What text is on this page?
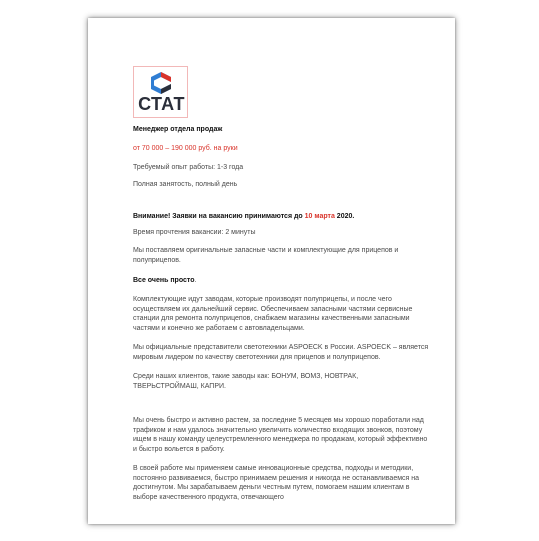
СТАТ

Менеджер отдела продаж

от 70 000 – 190 000 руб. на руки

Требуемый опыт работы: 1-3 года

Полная занятость, полный день

Внимание! Заявки на вакансию принимаются до 10 марта 2020.

Время прочтения вакансии: 2 минуты

Мы поставляем оригинальные запасные части и комплектующие для прицепов и полуприцепов.

Все очень просто.

Комплектующие идут заводам, которые производят полуприцепы, и после чего осуществляем их дальнейший сервис. Обеспечиваем запасными частями сервисные станции для ремонта полуприцепов, снабжаем магазины качественными запасными частями и конечно же работаем с автовладельцами.

Мы официальные представители светотехники ASPOECK в России. ASPOECK – является мировым лидером по качеству светотехники для прицепов и полуприцепов.

Среди наших клиентов, такие заводы как: БОНУМ, ВОМЗ, НОВТРАК, ТВЕРЬСТРОЙМАШ, КАПРИ.

Мы очень быстро и активно растем, за последние 5 месяцев мы хорошо поработали над трафиком и нам удалось значительно увеличить количество входящих звонков, поэтому ищем в нашу команду целеустремленного менеджера по продажам, который эффективно и быстро вольется в работу.

В своей работе мы применяем самые инновационные средства, подходы и методики, постоянно развиваемся, быстро принимаем решения и никогда не останавливаемся на достигнутом. Мы зарабатываем деньги честным путем, помогаем нашим клиентам в выборе качественного продукта, отвечающего
